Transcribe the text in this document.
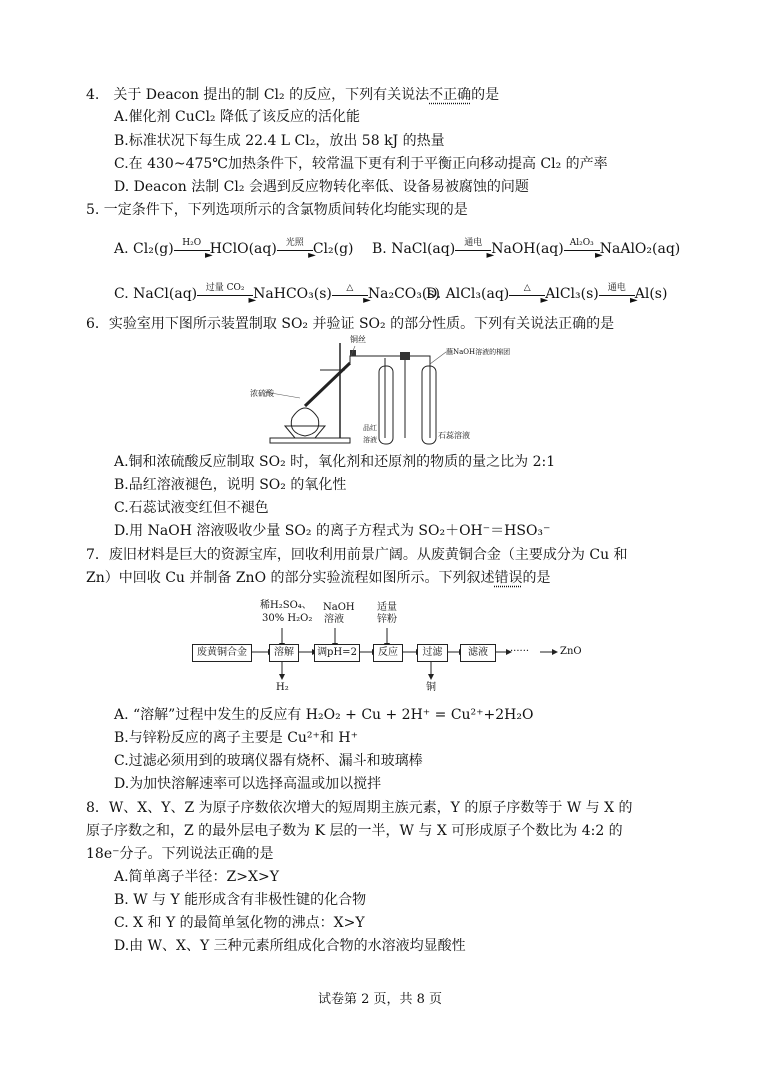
4.　关于 Deacon 提出的制 Cl₂ 的反应，下列有关说法不正确的是
A.催化剂 CuCl₂ 降低了该反应的活化能
B.标准状况下每生成 22.4 L Cl₂，放出 58 kJ 的热量
C.在 430~475℃加热条件下，较常温下更有利于平衡正向移动提高 Cl₂ 的产率
D. Deacon 法制 Cl₂ 会遇到反应物转化率低、设备易被腐蚀的问题
5. 一定条件下，下列选项所示的含氯物质间转化均能实现的是
A. Cl₂(g) H₂O
►
HClO(aq) 光照
►
Cl₂(g) B. NaCl(aq) 通电
►
NaOH(aq) Al₂O₃
►
NaAlO₂(aq)
C. NaCl(aq) 过量 CO₂
►
NaHCO₃(s)	△
►
Na₂CO₃(s)
D. AlCl₃(aq)	△
►
AlCl₃(s) 通电
►
Al(s)
6．实验室用下图所示装置制取 SO₂ 并验证 SO₂ 的部分性质。下列有关说法正确的是
铜丝
浓硫酸
蘸NaOH溶液的棉团
品红溶液	石蕊溶液
A.铜和浓硫酸反应制取 SO₂ 时，氧化剂和还原剂的物质的量之比为 2:1
B.品红溶液褪色，说明 SO₂ 的氧化性
C.石蕊试液变红但不褪色
D.用 NaOH 溶液吸收少量 SO₂ 的离子方程式为 SO₂＋OH⁻＝HSO₃⁻
7．废旧材料是巨大的资源宝库，回收利用前景广阔。从废黄铜合金（主要成分为 Cu 和
Zn）中回收 Cu 并制备 ZnO 的部分实验流程如图所示。下列叙述错误的是
稀H₂SO₄、
30% H₂O₂
NaOH
溶液
适量
锌粉
废黄铜合金	溶解	调pH=2	反应	过滤	滤液	······	ZnO
H₂	铜
A. “溶解”过程中发生的反应有 H₂O₂ + Cu + 2H⁺ = Cu²⁺+2H₂O
B.与锌粉反应的离子主要是 Cu²⁺和 H⁺
C.过滤必须用到的玻璃仪器有烧杯、漏斗和玻璃棒
D.为加快溶解速率可以选择高温或加以搅拌
8．W、X、Y、Z 为原子序数依次增大的短周期主族元素，Y 的原子序数等于 W 与 X 的
原子序数之和，Z 的最外层电子数为 K 层的一半，W 与 X 可形成原子个数比为 4:2 的
18e⁻分子。下列说法正确的是
A.简单离子半径：Z>X>Y
B. W 与 Y 能形成含有非极性键的化合物
C. X 和 Y 的最简单氢化物的沸点：X>Y
D.由 W、X、Y 三种元素所组成化合物的水溶液均显酸性
试卷第 2 页，共 8 页
